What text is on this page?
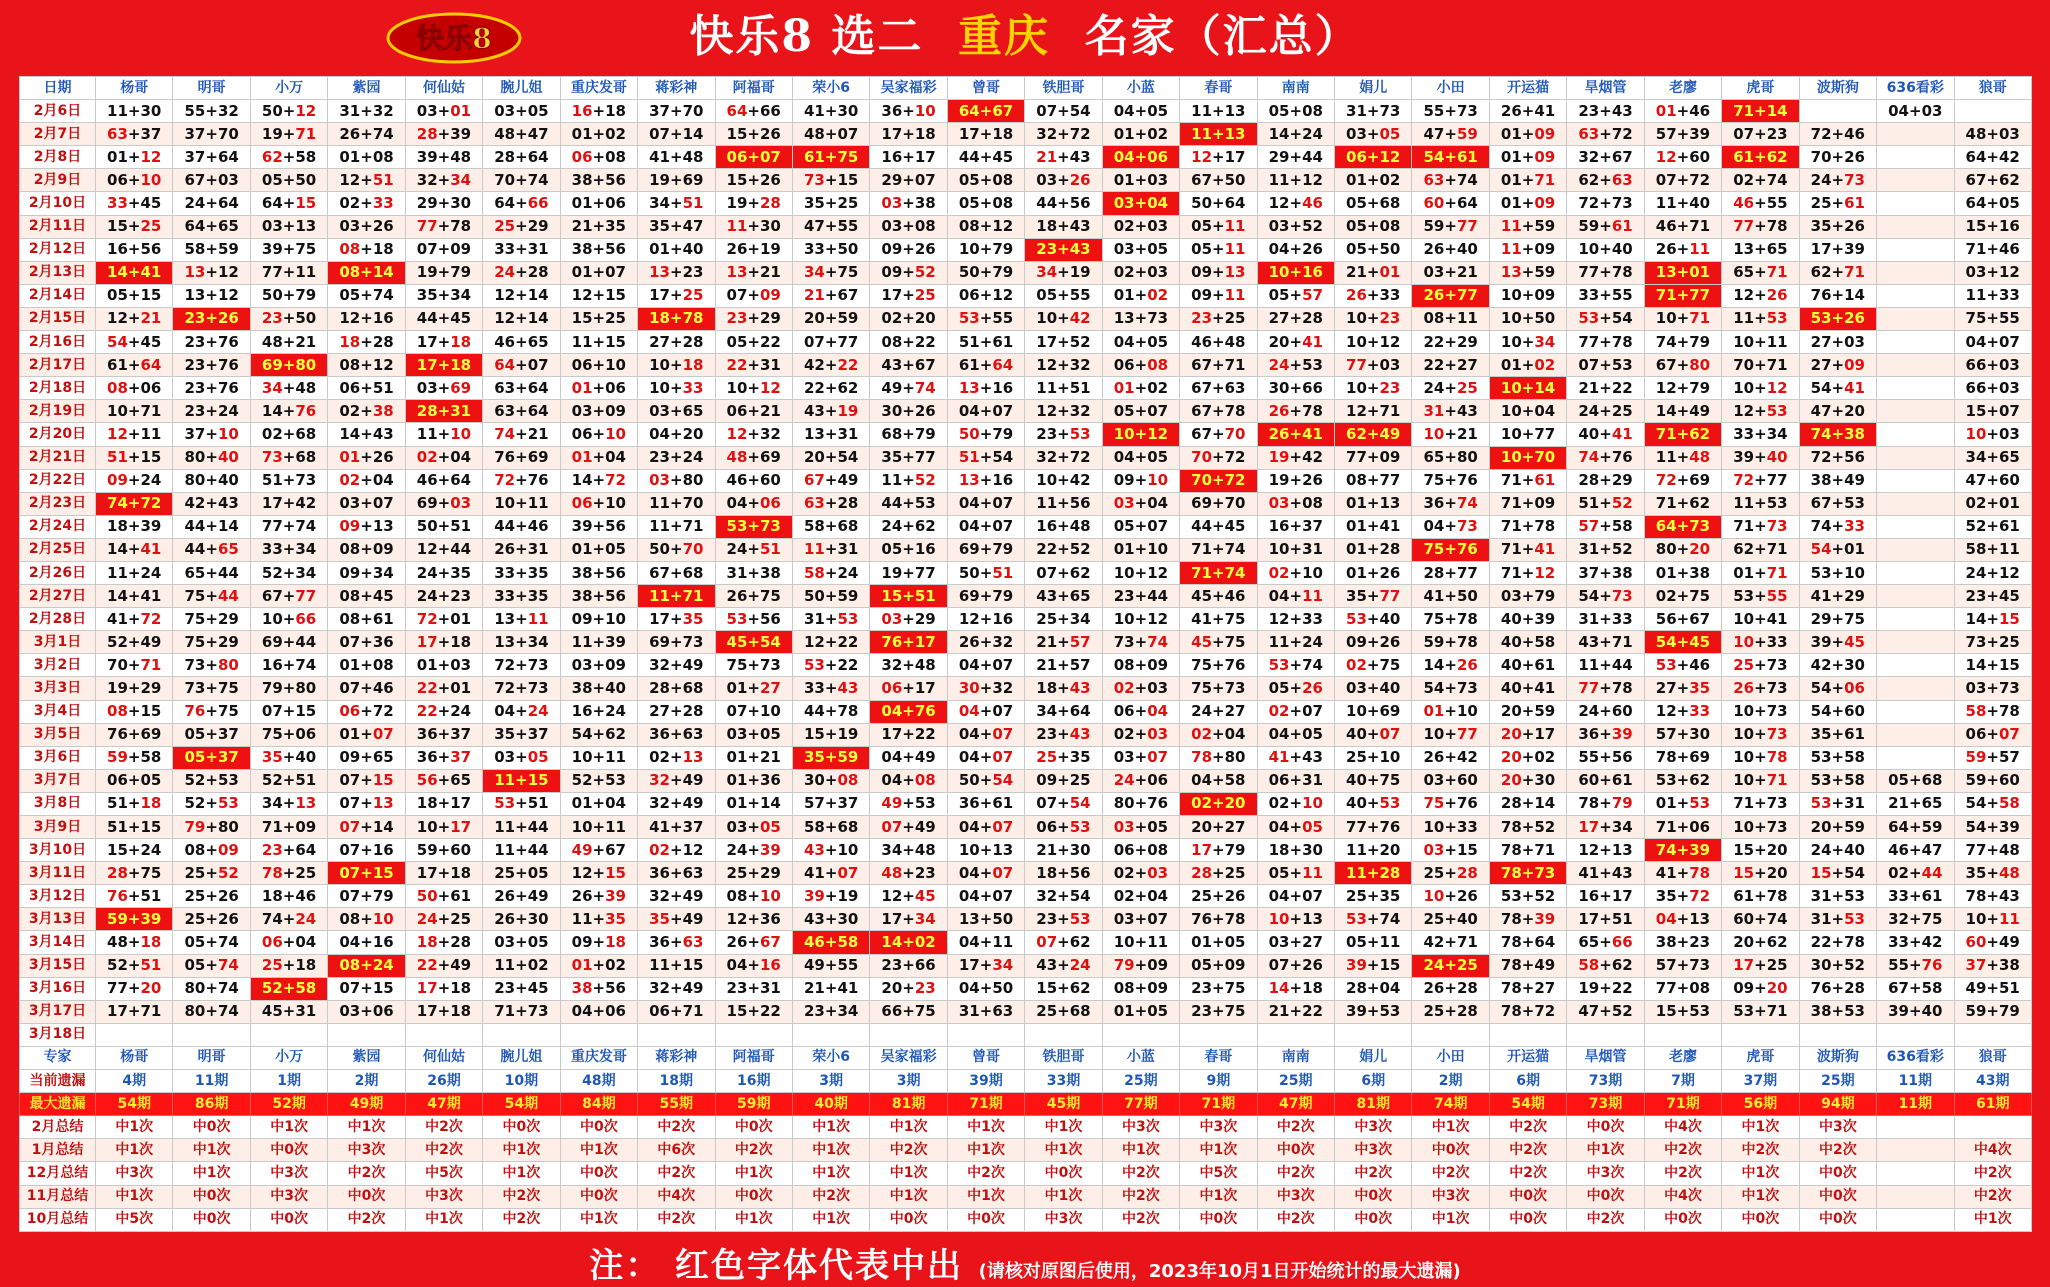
快乐8 选二 重庆 名家（汇总）
快乐8
日期	杨哥	明哥	小万	紫园	何仙姑	腕儿姐	重庆发哥	蒋彩神	阿福哥	荣小6	吴家福彩	曾哥	铁胆哥	小蓝	春哥	南南	娟儿	小田	开运猫	旱烟管	老廖	虎哥	波斯狗	636看彩	狼哥
2月6日	11+30	55+32	50+12	31+32	03+01	03+05	16+18	37+70	64+66	41+30	36+10	64+67	07+54	04+05	11+13	05+08	31+73	55+73	26+41	23+43	01+46	71+14		04+03	
2月7日	63+37	37+70	19+71	26+74	28+39	48+47	01+02	07+14	15+26	48+07	17+18	17+18	32+72	01+02	11+13	14+24	03+05	47+59	01+09	63+72	57+39	07+23	72+46		48+03
2月8日	01+12	37+64	62+58	01+08	39+48	28+64	06+08	41+48	06+07	61+75	16+17	44+45	21+43	04+06	12+17	29+44	06+12	54+61	01+09	32+67	12+60	61+62	70+26		64+42
2月9日	06+10	67+03	05+50	12+51	32+34	70+74	38+56	19+69	15+26	73+15	29+07	05+08	03+26	01+03	67+50	11+12	01+02	63+74	01+71	62+63	07+72	02+74	24+73		67+62
2月10日	33+45	24+64	64+15	02+33	29+30	64+66	01+06	34+51	19+28	35+25	03+38	05+08	44+56	03+04	50+64	12+46	05+68	60+64	01+09	72+73	11+40	46+55	25+61		64+05
2月11日	15+25	64+65	03+13	03+26	77+78	25+29	21+35	35+47	11+30	47+55	03+08	08+12	18+43	02+03	05+11	03+52	05+08	59+77	11+59	59+61	46+71	77+78	35+26		15+16
2月12日	16+56	58+59	39+75	08+18	07+09	33+31	38+56	01+40	26+19	33+50	09+26	10+79	23+43	03+05	05+11	04+26	05+50	26+40	11+09	10+40	26+11	13+65	17+39		71+46
2月13日	14+41	13+12	77+11	08+14	19+79	24+28	01+07	13+23	13+21	34+75	09+52	50+79	34+19	02+03	09+13	10+16	21+01	03+21	13+59	77+78	13+01	65+71	62+71		03+12
2月14日	05+15	13+12	50+79	05+74	35+34	12+14	12+15	17+25	07+09	21+67	17+25	06+12	05+55	01+02	09+11	05+57	26+33	26+77	10+09	33+55	71+77	12+26	76+14		11+33
2月15日	12+21	23+26	23+50	12+16	44+45	12+14	15+25	18+78	23+29	20+59	02+20	53+55	10+42	13+73	23+25	27+28	10+23	08+11	10+50	53+54	10+71	11+53	53+26		75+55
2月16日	54+45	23+76	48+21	18+28	17+18	46+65	11+15	27+28	05+22	07+77	08+22	51+61	17+52	04+05	46+48	20+41	10+12	22+29	10+34	77+78	74+79	10+11	27+03		04+07
2月17日	61+64	23+76	69+80	08+12	17+18	64+07	06+10	10+18	22+31	42+22	43+67	61+64	12+32	06+08	67+71	24+53	77+03	22+27	01+02	07+53	67+80	70+71	27+09		66+03
2月18日	08+06	23+76	34+48	06+51	03+69	63+64	01+06	10+33	10+12	22+62	49+74	13+16	11+51	01+02	67+63	30+66	10+23	24+25	10+14	21+22	12+79	10+12	54+41		66+03
2月19日	10+71	23+24	14+76	02+38	28+31	63+64	03+09	03+65	06+21	43+19	30+26	04+07	12+32	05+07	67+78	26+78	12+71	31+43	10+04	24+25	14+49	12+53	47+20		15+07
2月20日	12+11	37+10	02+68	14+43	11+10	74+21	06+10	04+20	12+32	13+31	68+79	50+79	23+53	10+12	67+70	26+41	62+49	10+21	10+77	40+41	71+62	33+34	74+38		10+03
2月21日	51+15	80+40	73+68	01+26	02+04	76+69	01+04	23+24	48+69	20+54	35+77	51+54	32+72	04+05	70+72	19+42	77+09	65+80	10+70	74+76	11+48	39+40	72+56		34+65
2月22日	09+24	80+40	51+73	02+04	46+64	72+76	14+72	03+80	46+60	67+49	11+52	13+16	10+42	09+10	70+72	19+26	08+77	75+76	71+61	28+29	72+69	72+77	38+49		47+60
2月23日	74+72	42+43	17+42	03+07	69+03	10+11	06+10	11+70	04+06	63+28	44+53	04+07	11+56	03+04	69+70	03+08	01+13	36+74	71+09	51+52	71+62	11+53	67+53		02+01
2月24日	18+39	44+14	77+74	09+13	50+51	44+46	39+56	11+71	53+73	58+68	24+62	04+07	16+48	05+07	44+45	16+37	01+41	04+73	71+78	57+58	64+73	71+73	74+33		52+61
2月25日	14+41	44+65	33+34	08+09	12+44	26+31	01+05	50+70	24+51	11+31	05+16	69+79	22+52	01+10	71+74	10+31	01+28	75+76	71+41	31+52	80+20	62+71	54+01		58+11
2月26日	11+24	65+44	52+34	09+34	24+35	33+35	38+56	67+68	31+38	58+24	19+77	50+51	07+62	10+12	71+74	02+10	01+26	28+77	71+12	37+38	01+38	01+71	53+10		24+12
2月27日	14+41	75+44	67+77	08+45	24+23	33+35	38+56	11+71	26+75	50+59	15+51	69+79	43+65	23+44	45+46	04+11	35+77	41+50	03+79	54+73	02+75	53+55	41+29		23+45
2月28日	41+72	75+29	10+66	08+61	72+01	13+11	09+10	17+35	53+56	31+53	03+29	12+16	25+34	10+12	41+75	12+33	53+40	75+78	40+39	31+33	56+67	10+41	29+75		14+15
3月1日	52+49	75+29	69+44	07+36	17+18	13+34	11+39	69+73	45+54	12+22	76+17	26+32	21+57	73+74	45+75	11+24	09+26	59+78	40+58	43+71	54+45	10+33	39+45		73+25
3月2日	70+71	73+80	16+74	01+08	01+03	72+73	03+09	32+49	75+73	53+22	32+48	04+07	21+57	08+09	75+76	53+74	02+75	14+26	40+61	11+44	53+46	25+73	42+30		14+15
3月3日	19+29	73+75	79+80	07+46	22+01	72+73	38+40	28+68	01+27	33+43	06+17	30+32	18+43	02+03	75+73	05+26	03+40	54+73	40+41	77+78	27+35	26+73	54+06		03+73
3月4日	08+15	76+75	07+15	06+72	22+24	04+24	16+24	27+28	07+10	44+78	04+76	04+07	34+64	06+04	24+27	02+07	10+69	01+10	20+59	24+60	12+33	10+73	54+60		58+78
3月5日	76+69	05+37	75+06	01+07	36+37	35+37	54+62	36+63	03+05	15+19	17+22	04+07	23+43	02+03	02+04	04+05	40+07	10+77	20+17	36+39	57+30	10+73	35+61		06+07
3月6日	59+58	05+37	35+40	09+65	36+37	03+05	10+11	02+13	01+21	35+59	04+49	04+07	25+35	03+07	78+80	41+43	25+10	26+42	20+02	55+56	78+69	10+78	53+58		59+57
3月7日	06+05	52+53	52+51	07+15	56+65	11+15	52+53	32+49	01+36	30+08	04+08	50+54	09+25	24+06	04+58	06+31	40+75	03+60	20+30	60+61	53+62	10+71	53+58	05+68	59+60
3月8日	51+18	52+53	34+13	07+13	18+17	53+51	01+04	32+49	01+14	57+37	49+53	36+61	07+54	80+76	02+20	02+10	40+53	75+76	28+14	78+79	01+53	71+73	53+31	21+65	54+58
3月9日	51+15	79+80	71+09	07+14	10+17	11+44	10+11	41+37	03+05	58+68	07+49	04+07	06+53	03+05	20+27	04+05	77+76	10+33	78+52	17+34	71+06	10+73	20+59	64+59	54+39
3月10日	15+24	08+09	23+64	07+16	59+60	11+44	49+67	02+12	24+39	43+10	34+48	10+13	21+30	06+08	17+79	18+30	11+20	03+15	78+71	12+13	74+39	15+20	24+40	46+47	77+48
3月11日	28+75	25+52	78+25	07+15	17+18	25+05	12+15	36+63	25+29	41+07	48+23	04+07	18+56	02+03	28+25	05+11	11+28	25+28	78+73	41+43	41+78	15+20	15+54	02+44	35+48
3月12日	76+51	25+26	18+46	07+79	50+61	26+49	26+39	32+49	08+10	39+19	12+45	04+07	32+54	02+04	25+26	04+07	25+35	10+26	53+52	16+17	35+72	61+78	31+53	33+61	78+43
3月13日	59+39	25+26	74+24	08+10	24+25	26+30	11+35	35+49	12+36	43+30	17+34	13+50	23+53	03+07	76+78	10+13	53+74	25+40	78+39	17+51	04+13	60+74	31+53	32+75	10+11
3月14日	48+18	05+74	06+04	04+16	18+28	03+05	09+18	36+63	26+67	46+58	14+02	04+11	07+62	10+11	01+05	03+27	05+11	42+71	78+64	65+66	38+23	20+62	22+78	33+42	60+49
3月15日	52+51	05+74	25+18	08+24	22+49	11+02	01+02	11+15	04+16	49+55	23+66	17+34	43+24	79+09	05+09	07+26	39+15	24+25	78+49	58+62	57+73	17+25	30+52	55+76	37+38
3月16日	77+20	80+74	52+58	07+15	17+18	23+45	38+56	32+49	23+31	21+41	20+23	04+50	15+62	08+09	23+75	14+18	28+04	26+28	78+27	19+22	77+08	09+20	76+28	67+58	49+51
3月17日	17+71	80+74	45+31	03+06	17+18	71+73	04+06	06+71	15+22	23+34	66+75	31+63	25+68	01+05	23+75	21+22	39+53	25+28	78+72	47+52	15+53	53+71	38+53	39+40	59+79
3月18日																									
专家	杨哥	明哥	小万	紫园	何仙姑	腕儿姐	重庆发哥	蒋彩神	阿福哥	荣小6	吴家福彩	曾哥	铁胆哥	小蓝	春哥	南南	娟儿	小田	开运猫	旱烟管	老廖	虎哥	波斯狗	636看彩	狼哥
当前遗漏	4期	11期	1期	2期	26期	10期	48期	18期	16期	3期	3期	39期	33期	25期	9期	25期	6期	2期	6期	73期	7期	37期	25期	11期	43期
最大遗漏	54期	86期	52期	49期	47期	54期	84期	55期	59期	40期	81期	71期	45期	77期	71期	47期	81期	74期	54期	73期	71期	56期	94期	11期	61期
2月总结	中1次	中0次	中1次	中1次	中2次	中0次	中0次	中2次	中0次	中1次	中1次	中1次	中1次	中3次	中3次	中2次	中3次	中1次	中2次	中0次	中4次	中1次	中3次		
1月总结	中1次	中1次	中0次	中3次	中2次	中1次	中1次	中6次	中2次	中1次	中2次	中1次	中1次	中1次	中1次	中0次	中3次	中0次	中2次	中1次	中2次	中2次	中2次		中4次
12月总结	中3次	中1次	中3次	中2次	中5次	中1次	中0次	中2次	中1次	中1次	中1次	中2次	中0次	中2次	中5次	中2次	中2次	中2次	中2次	中3次	中2次	中1次	中0次		中2次
11月总结	中1次	中0次	中3次	中0次	中3次	中2次	中0次	中4次	中0次	中2次	中1次	中1次	中1次	中2次	中1次	中3次	中0次	中3次	中0次	中0次	中4次	中1次	中0次		中2次
10月总结	中5次	中0次	中0次	中2次	中1次	中2次	中1次	中2次	中1次	中1次	中0次	中0次	中3次	中2次	中0次	中2次	中0次	中1次	中0次	中2次	中0次	中0次	中0次		中1次
注： 红色字体代表中出 (请核对原图后使用，2023年10月1日开始统计的最大遗漏)
